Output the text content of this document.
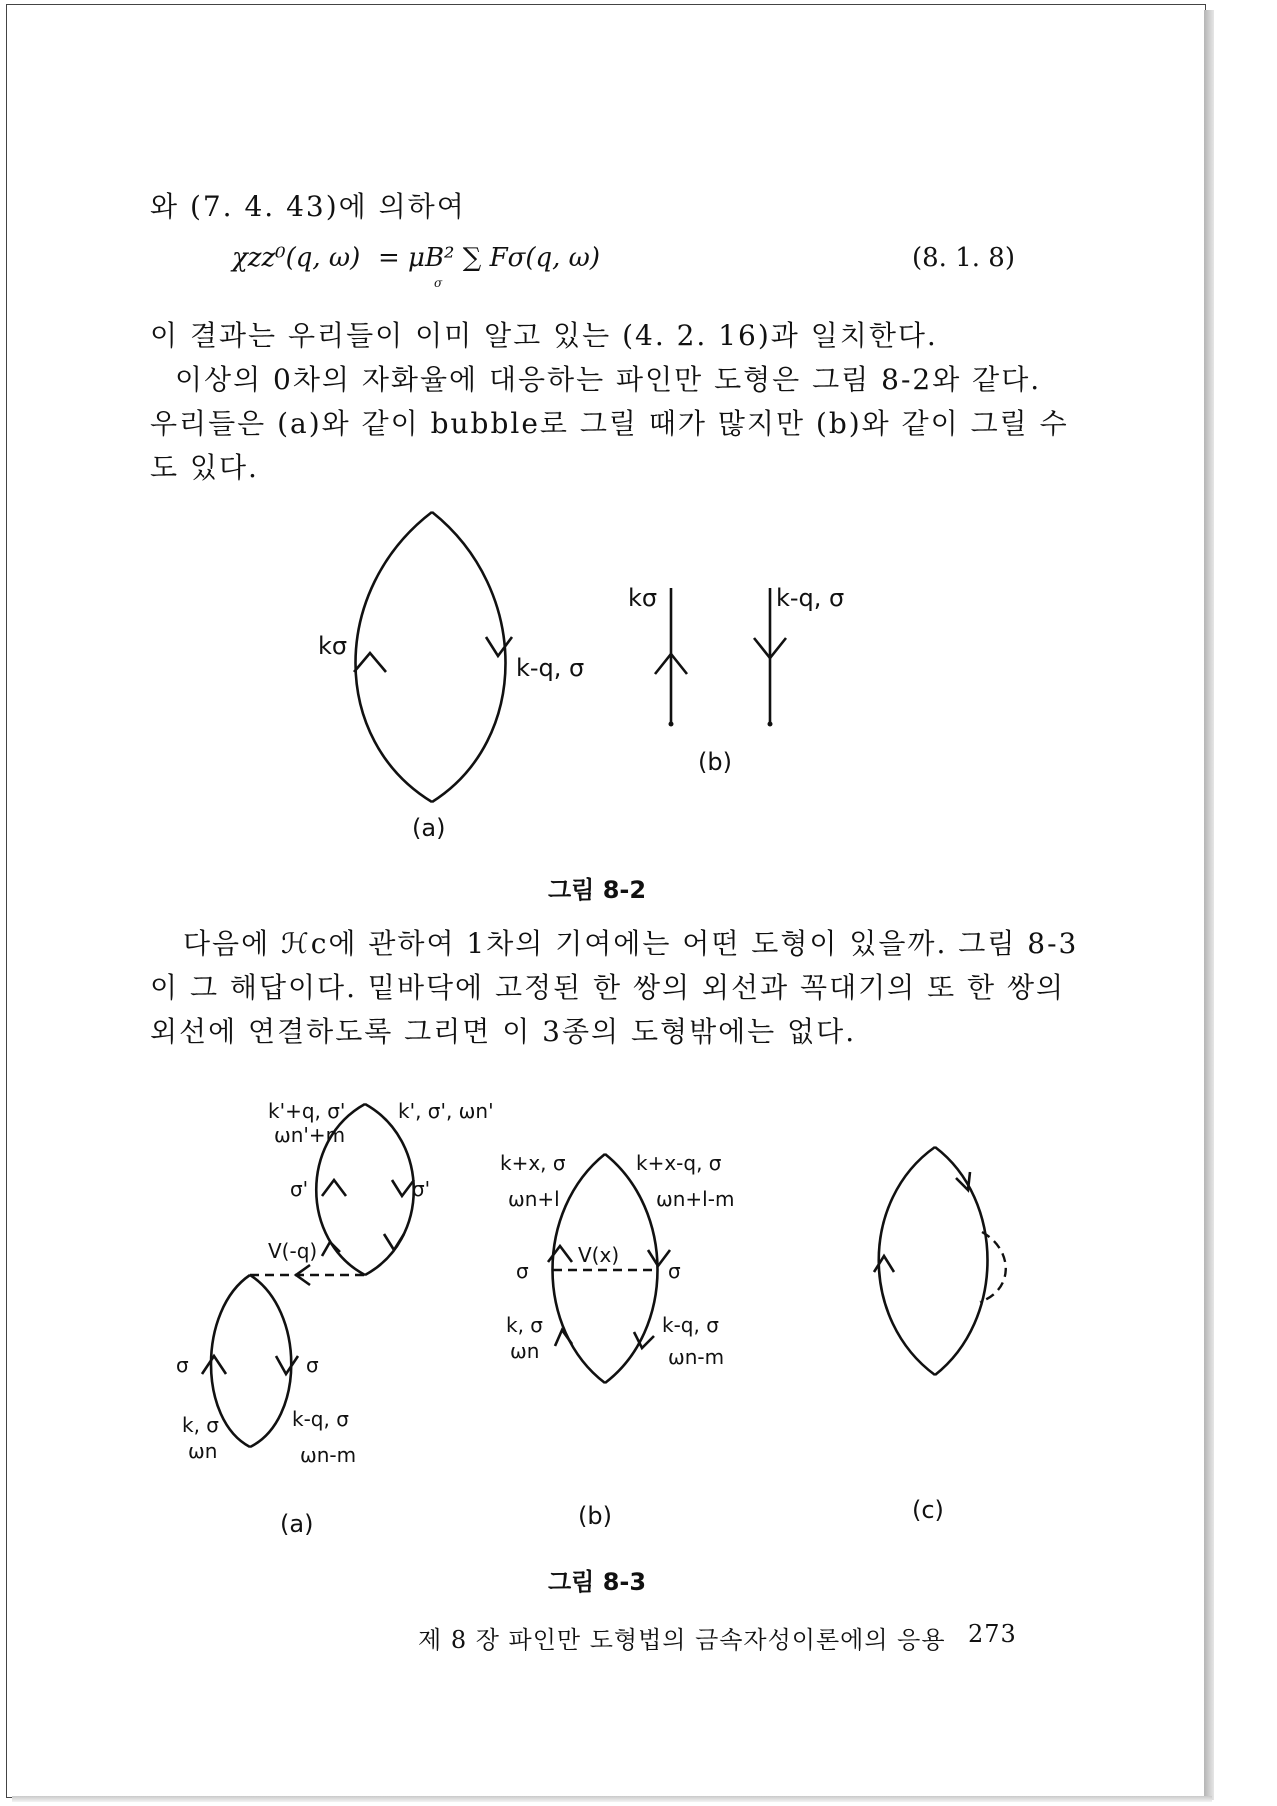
와 (7. 4. 43)에 의하여
χzz⁰(q, ω) = μB² ∑ Fσ(q, ω)
σ
(8. 1. 8)
이 결과는 우리들이 이미 알고 있는 (4. 2. 16)과 일치한다.
이상의 0차의 자화율에 대응하는 파인만 도형은 그림 8-2와 같다.
우리들은 (a)와 같이 bubble로 그릴 때가 많지만 (b)와 같이 그릴 수
도 있다.
kσ
k-q, σ
(a)
kσ	k-q, σ
(b)
그림 8-2
다음에 ℋc에 관하여 1차의 기여에는 어떤 도형이 있을까. 그림 8-3
이 그 해답이다. 밑바닥에 고정된 한 쌍의 외선과 꼭대기의 또 한 쌍의
외선에 연결하도록 그리면 이 3종의 도형밖에는 없다.
k'+q, σ'
ωn'+m
k', σ', ωn'
σ'	σ'
V(-q)
σ	σ
k, σ
ωn
k-q, σ
ωn-m
(a)
k+x, σ
ωn+l
k+x-q, σ
ωn+l-m
σ	σ
V(x)
k, σ
ωn
k-q, σ
ωn-m
(b)	(c)
그림 8-3
제 8 장 파인만 도형법의 금속자성이론에의 응용 273
